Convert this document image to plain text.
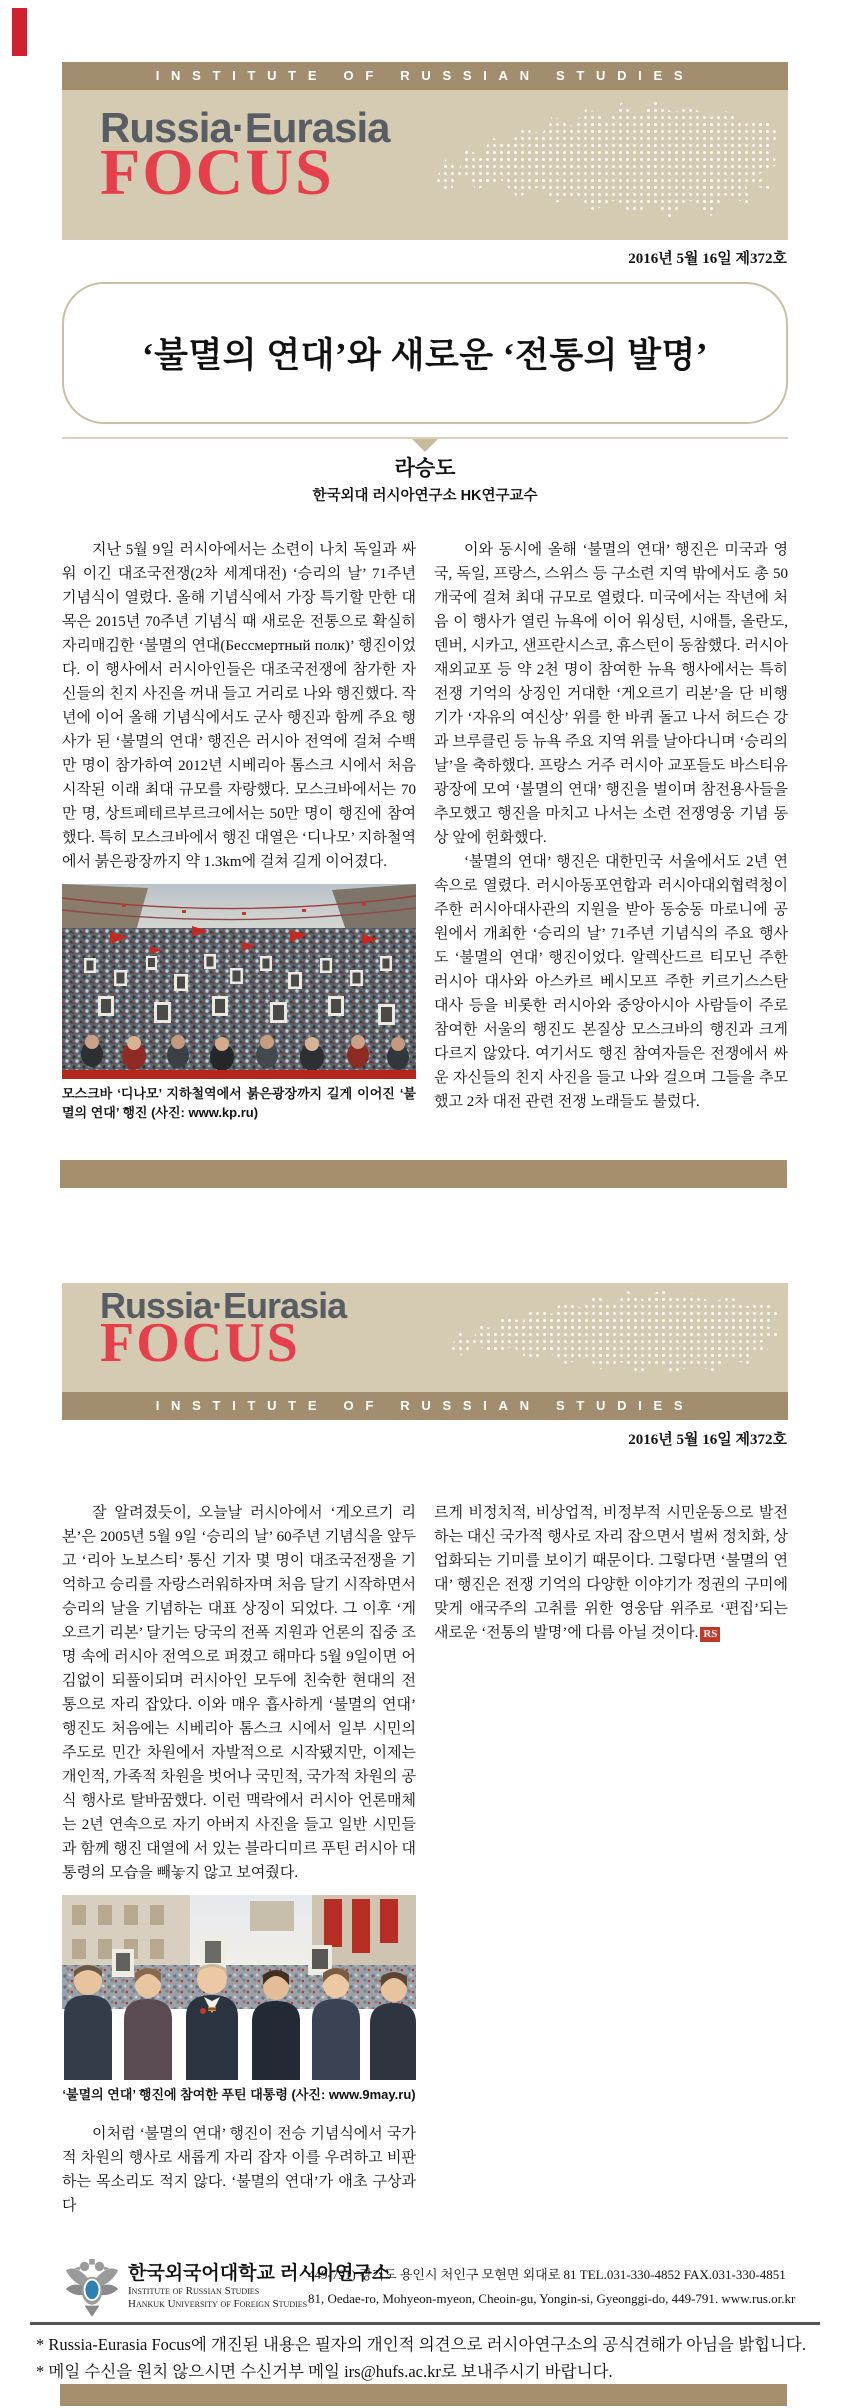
INSTITUTE OF RUSSIAN STUDIES
Russia·Eurasia
FOCUS
2016년 5월 16일 제372호
‘불멸의 연대’와 새로운 ‘전통의 발명’
라승도
한국외대 러시아연구소 HK연구교수

지난 5월 9일 러시아에서는 소련이 나치 독일과 싸워 이긴 대조국전쟁(2차 세계대전) ‘승리의 날’ 71주년 기념식이 열렸다. 올해 기념식에서 가장 특기할 만한 대목은 2015년 70주년 기념식 때 새로운 전통으로 확실히 자리매김한 ‘불멸의 연대(Бессмертный полк)’ 행진이었다. 이 행사에서 러시아인들은 대조국전쟁에 참가한 자신들의 친지 사진을 꺼내 들고 거리로 나와 행진했다. 작년에 이어 올해 기념식에서도 군사 행진과 함께 주요 행사가 된 ‘불멸의 연대’ 행진은 러시아 전역에 걸쳐 수백만 명이 참가하여 2012년 시베리아 톰스크 시에서 처음 시작된 이래 최대 규모를 자랑했다. 모스크바에서는 70만 명, 상트페테르부르크에서는 50만 명이 행진에 참여했다. 특히 모스크바에서 행진 대열은 ‘디나모’ 지하철역에서 붉은광장까지 약 1.3km에 걸쳐 길게 이어졌다.

모스크바 ‘디나모’ 지하철역에서 붉은광장까지 길게 이어진 ‘불멸의 연대’ 행진 (사진: www.kp.ru)

이와 동시에 올해 ‘불멸의 연대’ 행진은 미국과 영국, 독일, 프랑스, 스위스 등 구소련 지역 밖에서도 총 50개국에 걸쳐 최대 규모로 열렸다. 미국에서는 작년에 처음 이 행사가 열린 뉴욕에 이어 워싱턴, 시애틀, 올란도, 덴버, 시카고, 샌프란시스코, 휴스턴이 동참했다. 러시아 재외교포 등 약 2천 명이 참여한 뉴욕 행사에서는 특히 전쟁 기억의 상징인 거대한 ‘게오르기 리본’을 단 비행기가 ‘자유의 여신상’ 위를 한 바퀴 돌고 나서 허드슨 강과 브루클린 등 뉴욕 주요 지역 위를 날아다니며 ‘승리의 날’을 축하했다. 프랑스 거주 러시아 교포들도 바스티유 광장에 모여 ‘불멸의 연대’ 행진을 벌이며 참전용사들을 추모했고 행진을 마치고 나서는 소련 전쟁영웅 기념 동상 앞에 헌화했다.

‘불멸의 연대’ 행진은 대한민국 서울에서도 2년 연속으로 열렸다. 러시아동포연합과 러시아대외협력청이 주한 러시아대사관의 지원을 받아 동숭동 마로니에 공원에서 개최한 ‘승리의 날’ 71주년 기념식의 주요 행사도 ‘불멸의 연대’ 행진이었다. 알렉산드르 티모닌 주한 러시아 대사와 아스카르 베시모프 주한 키르기스스탄 대사 등을 비롯한 러시아와 중앙아시아 사람들이 주로 참여한 서울의 행진도 본질상 모스크바의 행진과 크게 다르지 않았다. 여기서도 행진 참여자들은 전쟁에서 싸운 자신들의 친지 사진을 들고 나와 걸으며 그들을 추모했고 2차 대전 관련 전쟁 노래들도 불렀다.

Russia·Eurasia
FOCUS
INSTITUTE OF RUSSIAN STUDIES
2016년 5월 16일 제372호

잘 알려졌듯이, 오늘날 러시아에서 ‘게오르기 리본’은 2005년 5월 9일 ‘승리의 날’ 60주년 기념식을 앞두고 ‘리아 노보스티’ 통신 기자 몇 명이 대조국전쟁을 기억하고 승리를 자랑스러워하자며 처음 달기 시작하면서 승리의 날을 기념하는 대표 상징이 되었다. 그 이후 ‘게오르기 리본’ 달기는 당국의 전폭 지원과 언론의 집중 조명 속에 러시아 전역으로 퍼졌고 해마다 5월 9일이면 어김없이 되풀이되며 러시아인 모두에 친숙한 현대의 전통으로 자리 잡았다. 이와 매우 흡사하게 ‘불멸의 연대’ 행진도 처음에는 시베리아 톰스크 시에서 일부 시민의 주도로 민간 차원에서 자발적으로 시작됐지만, 이제는 개인적, 가족적 차원을 벗어나 국민적, 국가적 차원의 공식 행사로 탈바꿈했다. 이런 맥락에서 러시아 언론매체는 2년 연속으로 자기 아버지 사진을 들고 일반 시민들과 함께 행진 대열에 서 있는 블라디미르 푸틴 러시아 대통령의 모습을 빼놓지 않고 보여줬다.

‘불멸의 연대’ 행진에 참여한 푸틴 대통령 (사진: www.9may.ru)

이처럼 ‘불멸의 연대’ 행진이 전승 기념식에서 국가적 차원의 행사로 새롭게 자리 잡자 이를 우려하고 비판하는 목소리도 적지 않다. ‘불멸의 연대’가 애초 구상과 다

르게 비정치적, 비상업적, 비정부적 시민운동으로 발전하는 대신 국가적 행사로 자리 잡으면서 벌써 정치화, 상업화되는 기미를 보이기 때문이다. 그렇다면 ‘불멸의 연대’ 행진은 전쟁 기억의 다양한 이야기가 정권의 구미에 맞게 애국주의 고취를 위한 영웅담 위주로 ‘편집’되는 새로운 ‘전통의 발명’에 다름 아닐 것이다. RS

한국외국어대학교 러시아연구소
Institute of Russian Studies
Hankuk University of Foreign Studies
449-791) 경기도 용인시 처인구 모현면 외대로 81 TEL.031-330-4852 FAX.031-330-4851
81, Oedae-ro, Mohyeon-myeon, Cheoin-gu, Yongin-si, Gyeonggi-do, 449-791. www.rus.or.kr
* Russia-Eurasia Focus에 개진된 내용은 필자의 개인적 의견으로 러시아연구소의 공식견해가 아님을 밝힙니다.
* 메일 수신을 원치 않으시면 수신거부 메일 irs@hufs.ac.kr로 보내주시기 바랍니다.
